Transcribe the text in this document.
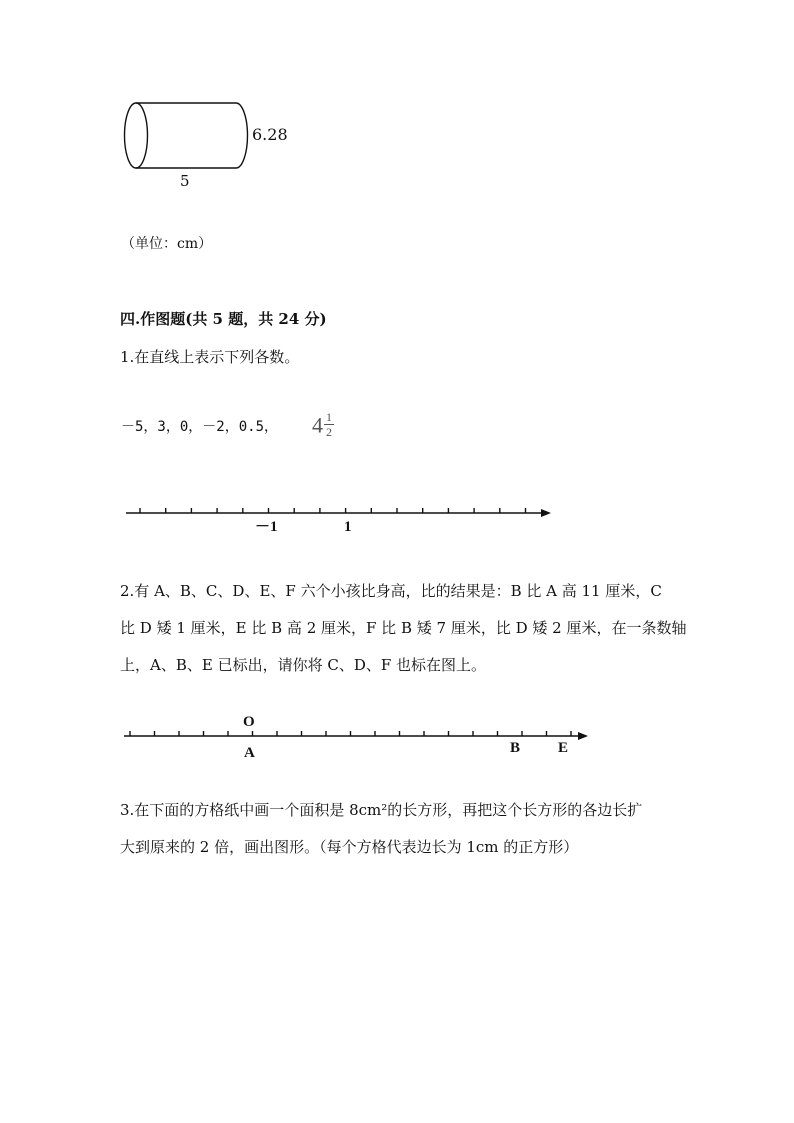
6.28
5
（单位：cm）
四.作图题(共 5 题，共 24 分)
1.在直线上表示下列各数。
－5，3，0，－2，0.5， $4 \frac{1}{2}$
－1	1
2.有 A、B、C、D、E、F 六个小孩比身高，比的结果是：B 比 A 高 11 厘米，C
比 D 矮 1 厘米，E 比 B 高 2 厘米，F 比 B 矮 7 厘米，比 D 矮 2 厘米，在一条数轴
上，A、B、E 已标出，请你将 C、D、F 也标在图上。
O
A	B	E
3.在下面的方格纸中画一个面积是 8cm²的长方形，再把这个长方形的各边长扩
大到原来的 2 倍，画出图形。（每个方格代表边长为 1cm 的正方形）
